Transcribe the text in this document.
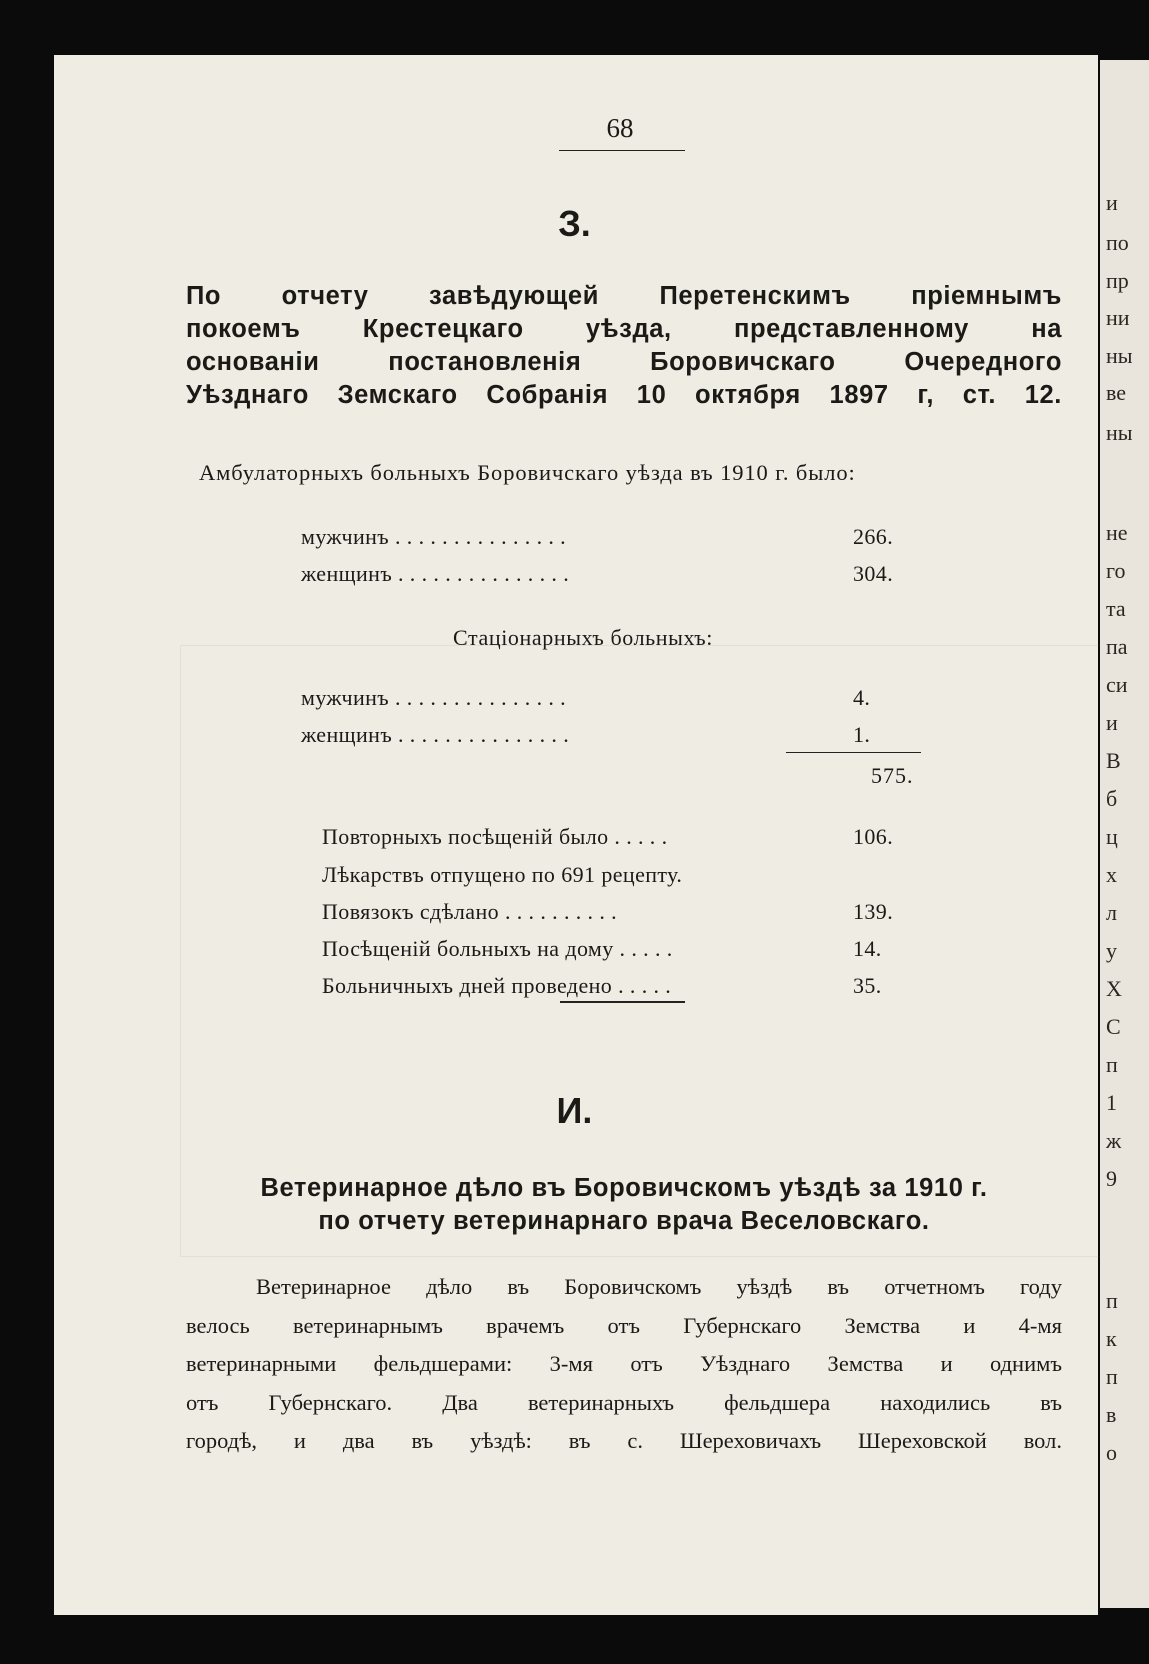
и
по
пр
ни
ны
ве
ны
не
го
та
па
си
и
В
б
ц
х
л
у
Х
С
п
1
ж
9
п
к
п
в
о
68
З.
По отчету завѣдующей Перетенскимъ пріемнымъ
покоемъ Крестецкаго уѣзда, представленному на
основаніи постановленія Боровичскаго Очередного
Уѣзднаго Земскаго Собранія 10 октября 1897 г, ст. 12.
Амбулаторныхъ больныхъ Боровичскаго уѣзда въ 1910 г. было:
мужчинъ . . . . . . . . . . . . . . .	266.
женщинъ . . . . . . . . . . . . . . .	304.
Стаціонарныхъ больныхъ:
мужчинъ . . . . . . . . . . . . . . .	4.
женщинъ . . . . . . . . . . . . . . .	1.
575.
Повторныхъ посѣщеній было . . . . .	106.
Лѣкарствъ отпущено по 691 рецепту.
Повязокъ сдѣлано . . . . . . . . . .	139.
Посѣщеній больныхъ на дому . . . . .	14.
Больничныхъ дней проведено . . . . .	35.
И.
Ветеринарное дѣло въ Боровичскомъ уѣздѣ за 1910 г.
по отчету ветеринарнаго врача Веселовскаго.
Ветеринарное дѣло въ Боровичскомъ уѣздѣ въ отчетномъ году
велось ветеринарнымъ врачемъ отъ Губернскаго Земства и 4-мя
ветеринарными фельдшерами: 3-мя отъ Уѣзднаго Земства и однимъ
отъ Губернскаго. Два ветеринарныхъ фельдшера находились въ
городѣ, и два въ уѣздѣ: въ с. Шереховичахъ Шереховской вол.
